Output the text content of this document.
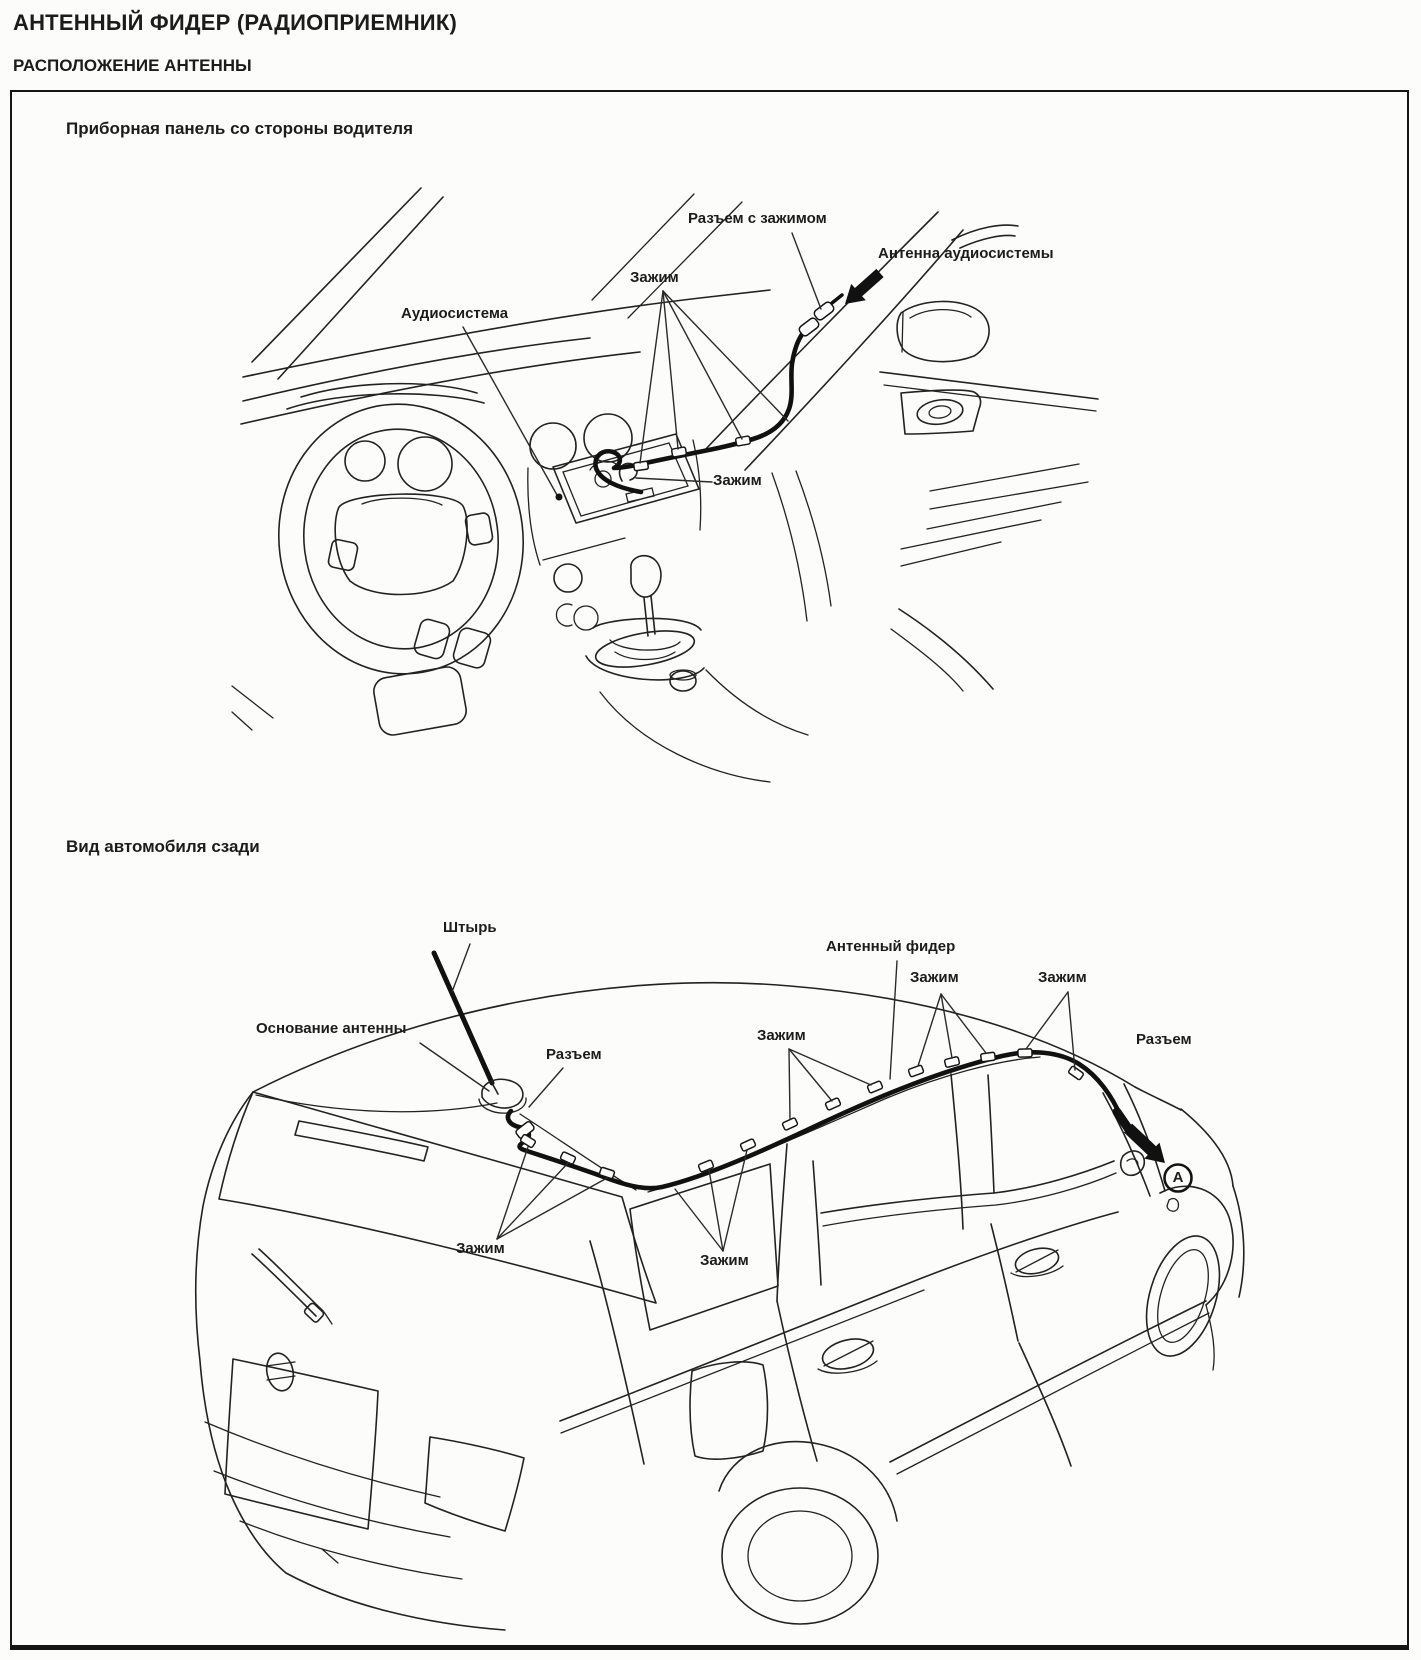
АНТЕННЫЙ ФИДЕР (РАДИОПРИЕМНИК)
РАСПОЛОЖЕНИЕ АНТЕННЫ
Приборная панель со стороны водителя
Вид автомобиля сзади
Разъем с зажимом
Зажим
Антенна аудиосистемы
Аудиосистема
Зажим
Штырь
Основание антенны
Разъем
Антенный фидер
Зажим
Зажим	Зажим
Разъем
Зажим
Зажим
A
